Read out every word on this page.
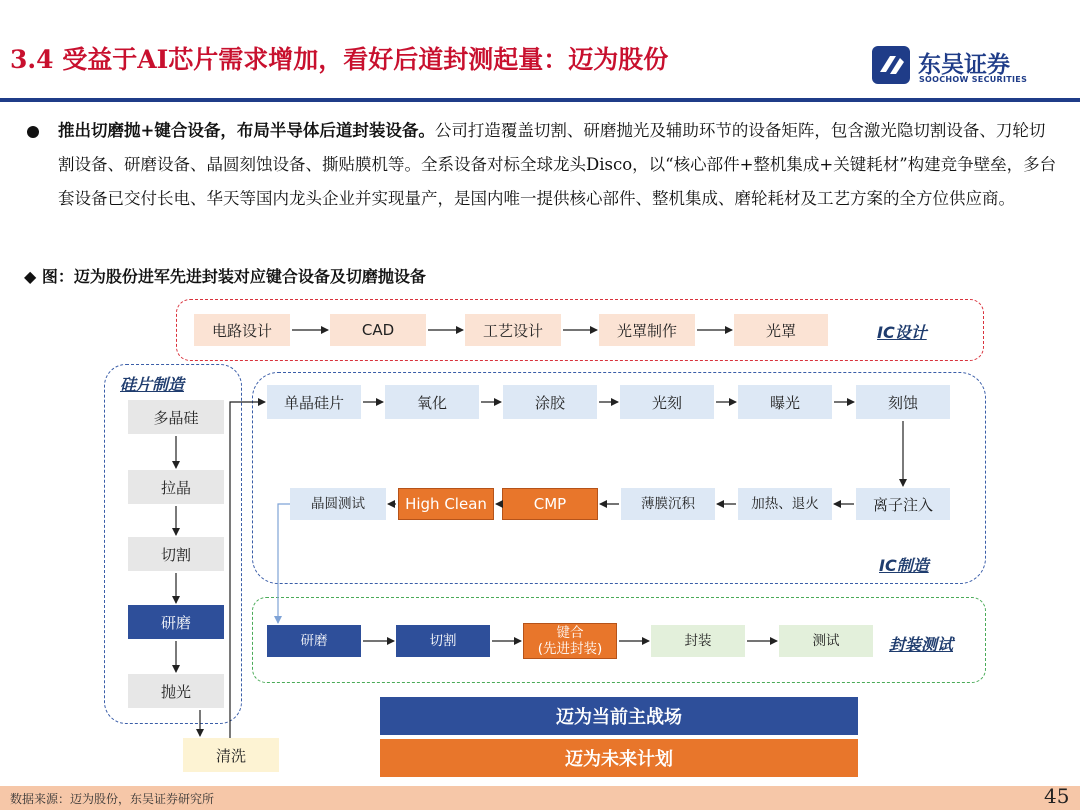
3.4 受益于AI芯片需求增加，看好后道封测起量：迈为股份	东吴证券
SOOCHOW SECURITIES
推出切磨抛+键合设备，布局半导体后道封装设备。公司打造覆盖切割、研磨抛光及辅助环节的设备矩阵，包含激光隐切割设备、刀轮切割设备、研磨设备、晶圆刻蚀设备、撕贴膜机等。全系设备对标全球龙头Disco，以“核心部件+整机集成+关键耗材”构建竞争壁垒，多台套设备已交付长电、华天等国内龙头企业并实现量产，是国内唯一提供核心部件、整机集成、磨轮耗材及工艺方案的全方位供应商。
◆ 图：迈为股份进军先进封装对应键合设备及切磨抛设备
硅片制造
IC设计
IC制造
封装测试
电路设计	CAD	工艺设计	光罩制作	光罩
多晶硅
拉晶
切割
研磨
抛光
清洗
单晶硅片	氧化	涂胶	光刻	曝光	刻蚀
晶圆测试	High Clean	CMP	薄膜沉积	加热、退火	离子注入
研磨	切割	键合
(先进封装)	封装	测试
迈为当前主战场
迈为未来计划
数据来源：迈为股份，东吴证券研究所	45
